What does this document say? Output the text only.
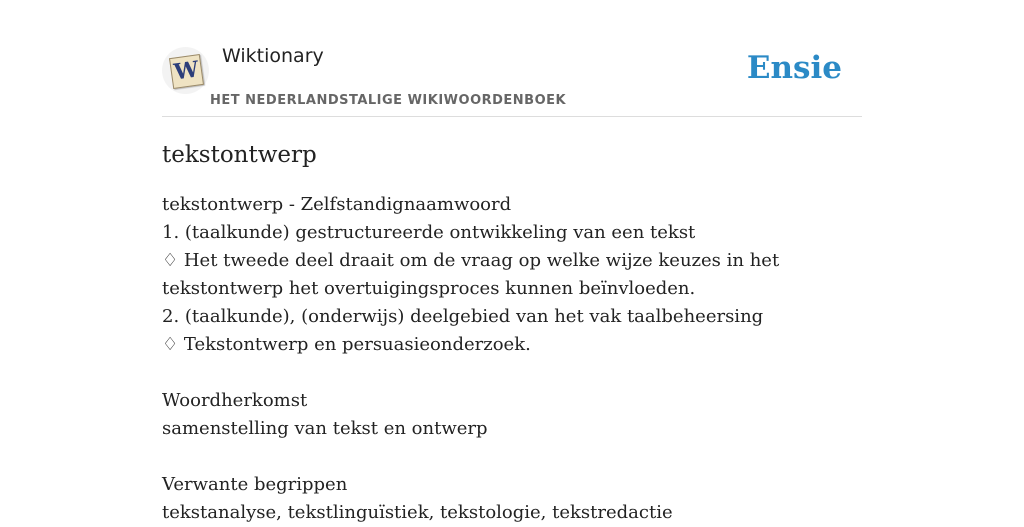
W
Wiktionary
HET NEDERLANDSTALIGE WIKIWOORDENBOEK
Ensie
tekstontwerp
tekstontwerp - Zelfstandignaamwoord
1. (taalkunde) gestructureerde ontwikkeling van een tekst
♢ Het tweede deel draait om de vraag op welke wijze keuzes in het tekstontwerp het overtuigingsproces kunnen beïnvloeden.
2. (taalkunde), (onderwijs) deelgebied van het vak taalbeheersing
♢ Tekstontwerp en persuasieonderzoek.
Woordherkomst
samenstelling van tekst en ontwerp
Verwante begrippen
tekstanalyse, tekstlinguïstiek, tekstologie, tekstredactie
